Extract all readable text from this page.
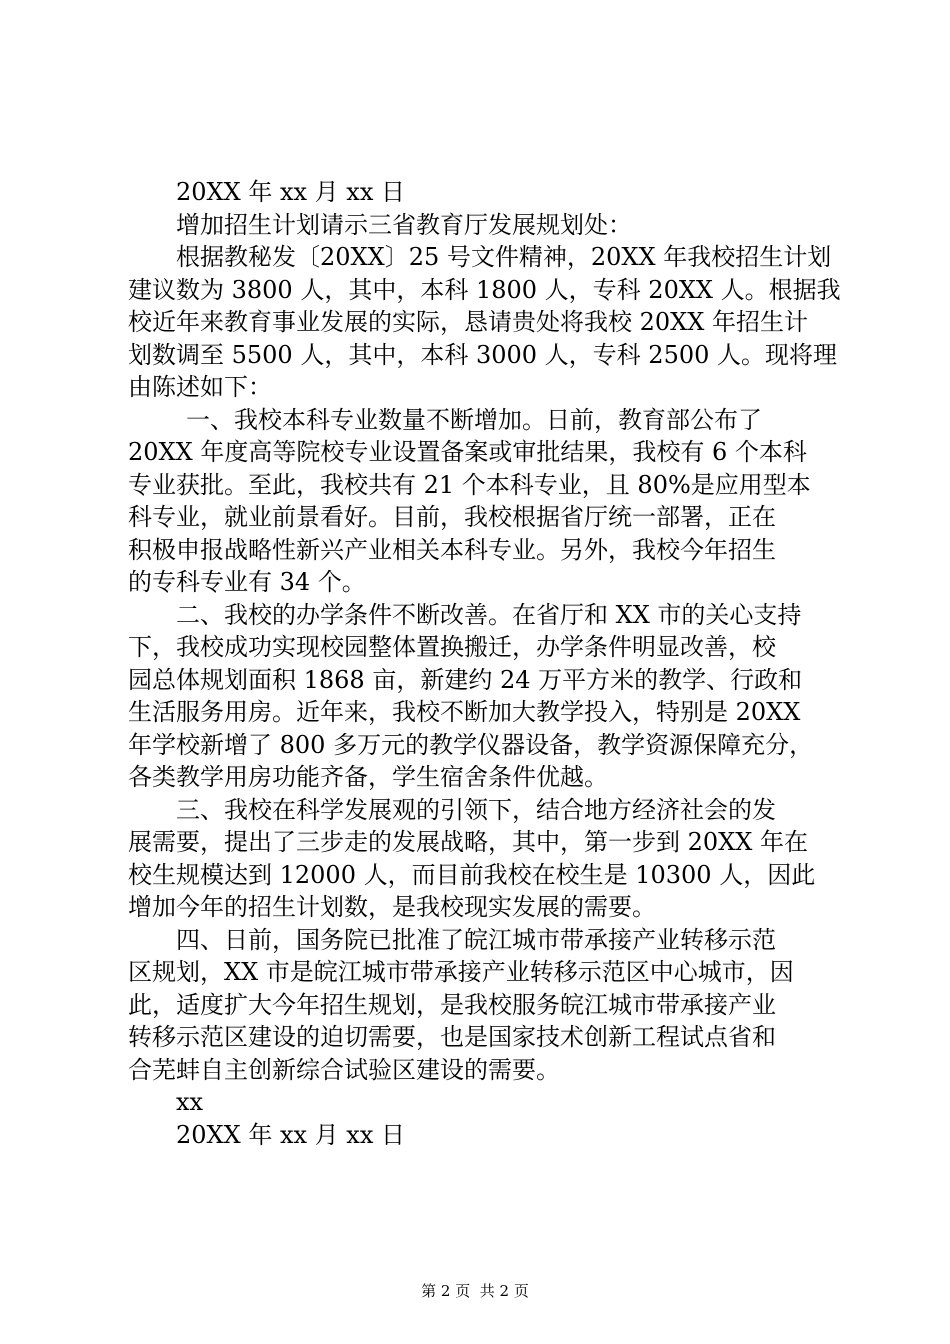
20XX 年 xx 月 xx 日
增加招生计划请示三省教育厅发展规划处：
根据教秘发〔20XX〕25 号文件精神，20XX 年我校招生计划
建议数为 3800 人，其中，本科 1800 人，专科 20XX 人。根据我
校近年来教育事业发展的实际，恳请贵处将我校 20XX 年招生计
划数调至 5500 人，其中，本科 3000 人，专科 2500 人。现将理
由陈述如下：
一、我校本科专业数量不断增加。日前，教育部公布了
20XX 年度高等院校专业设置备案或审批结果，我校有 6 个本科
专业获批。至此，我校共有 21 个本科专业，且 80%是应用型本
科专业，就业前景看好。目前，我校根据省厅统一部署，正在
积极申报战略性新兴产业相关本科专业。另外，我校今年招生
的专科专业有 34 个。
二、我校的办学条件不断改善。在省厅和 XX 市的关心支持
下，我校成功实现校园整体置换搬迁，办学条件明显改善，校
园总体规划面积 1868 亩，新建约 24 万平方米的教学、行政和
生活服务用房。近年来，我校不断加大教学投入，特别是 20XX
年学校新增了 800 多万元的教学仪器设备，教学资源保障充分，
各类教学用房功能齐备，学生宿舍条件优越。
三、我校在科学发展观的引领下，结合地方经济社会的发
展需要，提出了三步走的发展战略，其中，第一步到 20XX 年在
校生规模达到 12000 人，而目前我校在校生是 10300 人，因此
增加今年的招生计划数，是我校现实发展的需要。
四、日前，国务院已批准了皖江城市带承接产业转移示范
区规划，XX 市是皖江城市带承接产业转移示范区中心城市，因
此，适度扩大今年招生规划，是我校服务皖江城市带承接产业
转移示范区建设的迫切需要，也是国家技术创新工程试点省和
合芜蚌自主创新综合试验区建设的需要。
xx
20XX 年 xx 月 xx 日
第 2 页  共 2 页
